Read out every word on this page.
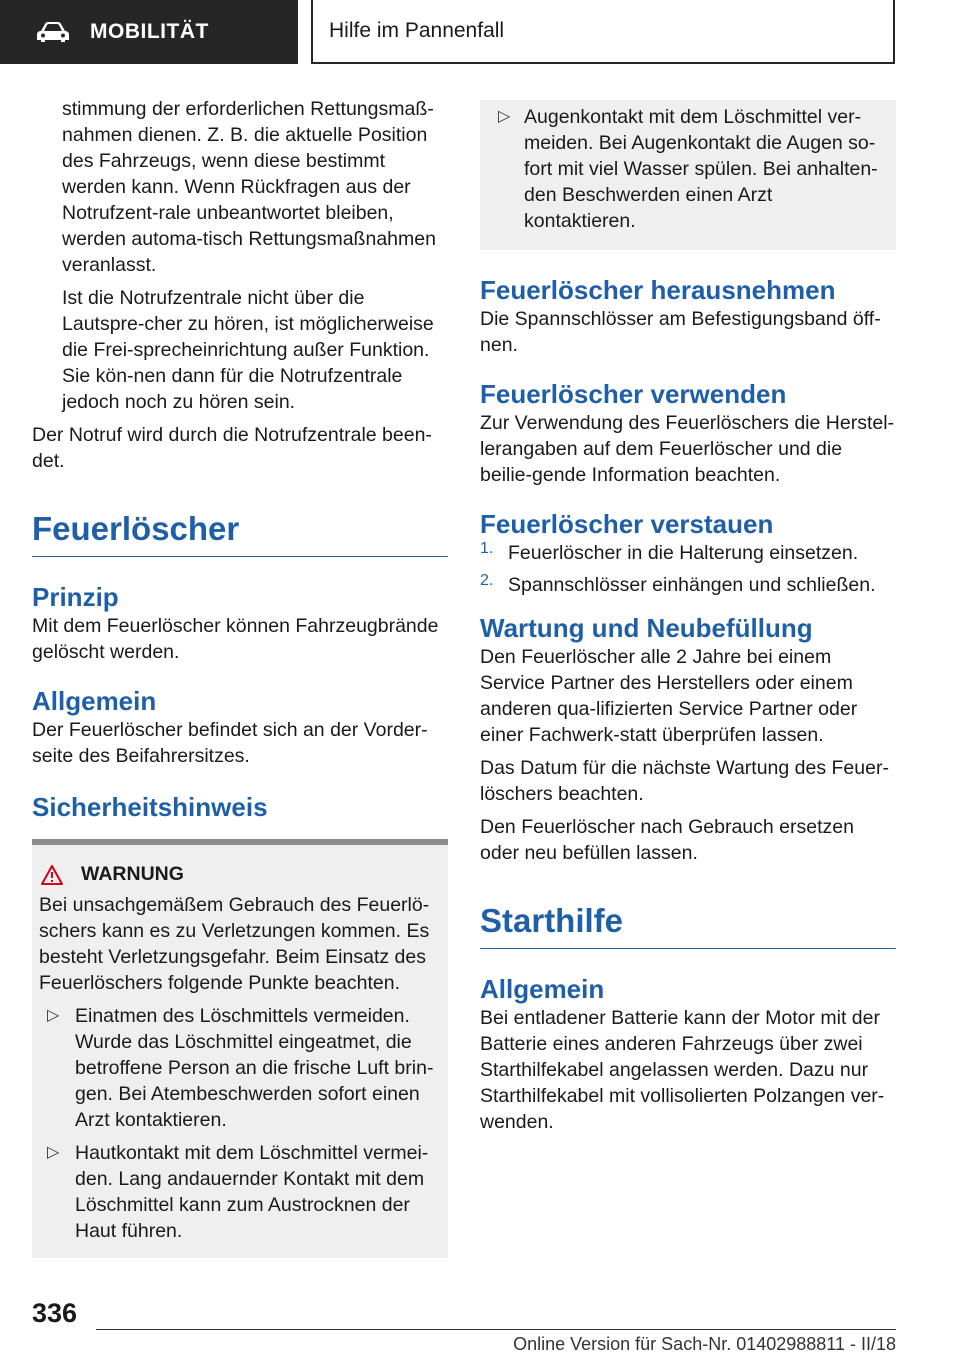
MOBILITÄT	Hilfe im Pannenfall

stimmung der erforderlichen Rettungsmaß‐nahmen dienen. Z. B. die aktuelle Position des Fahrzeugs, wenn diese bestimmt werden kann. Wenn Rückfragen aus der Notrufzent‐rale unbeantwortet bleiben, werden automa‐tisch Rettungsmaßnahmen veranlasst.

Ist die Notrufzentrale nicht über die Lautspre‐cher zu hören, ist möglicherweise die Frei‐sprecheinrichtung außer Funktion. Sie kön‐nen dann für die Notrufzentrale jedoch noch zu hören sein.

Der Notruf wird durch die Notrufzentrale been‐det.

Feuerlöscher
Prinzip

Mit dem Feuerlöscher können Fahrzeugbrände gelöscht werden.

Allgemein

Der Feuerlöscher befindet sich an der Vorder‐seite des Beifahrersitzes.

Sicherheitshinweis
WARNUNG

Bei unsachgemäßem Gebrauch des Feuerlö‐schers kann es zu Verletzungen kommen. Es besteht Verletzungsgefahr. Beim Einsatz des Feuerlöschers folgende Punkte beachten.

▷ Einatmen des Löschmittels vermeiden. Wurde das Löschmittel eingeatmet, die betroffene Person an die frische Luft brin‐gen. Bei Atembeschwerden sofort einen Arzt kontaktieren.

▷ Hautkontakt mit dem Löschmittel vermei‐den. Lang andauernder Kontakt mit dem Löschmittel kann zum Austrocknen der Haut führen.

▷ Augenkontakt mit dem Löschmittel ver‐meiden. Bei Augenkontakt die Augen so‐fort mit viel Wasser spülen. Bei anhalten‐den Beschwerden einen Arzt kontaktieren.

Feuerlöscher herausnehmen

Die Spannschlösser am Befestigungsband öff‐nen.

Feuerlöscher verwenden

Zur Verwendung des Feuerlöschers die Herstel‐lerangaben auf dem Feuerlöscher und die beilie‐gende Information beachten.

Feuerlöscher verstauen
1. Feuerlöscher in die Halterung einsetzen.

2. Spannschlösser einhängen und schließen.

Wartung und Neubefüllung

Den Feuerlöscher alle 2 Jahre bei einem Service Partner des Herstellers oder einem anderen qua‐lifizierten Service Partner oder einer Fachwerk‐statt überprüfen lassen.

Das Datum für die nächste Wartung des Feuer‐löschers beachten.

Den Feuerlöscher nach Gebrauch ersetzen oder neu befüllen lassen.

Starthilfe
Allgemein

Bei entladener Batterie kann der Motor mit der Batterie eines anderen Fahrzeugs über zwei Starthilfekabel angelassen werden. Dazu nur Starthilfekabel mit vollisolierten Polzangen ver‐wenden.

336
Online Version für Sach-Nr. 01402988811 - II/18
